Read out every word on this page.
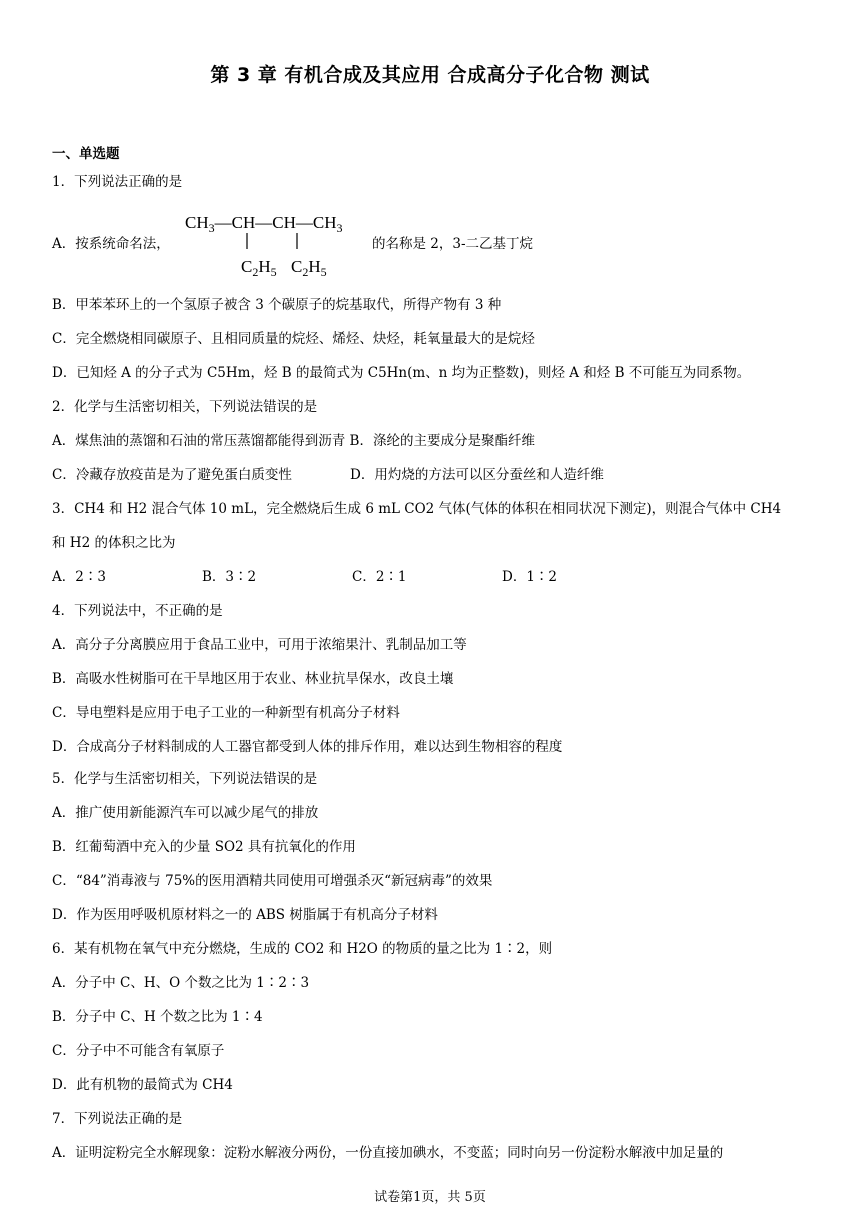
第 3 章 有机合成及其应用 合成高分子化合物 测试
一、单选题
1．下列说法正确的是
A．按系统命名法，
$CH_3—CH—CH—CH_3$
$C_2H_5$ $C_2H_5$
的名称是 2，3-二乙基丁烷
B．甲苯苯环上的一个氢原子被含 3 个碳原子的烷基取代，所得产物有 3 种
C．完全燃烧相同碳原子、且相同质量的烷烃、烯烃、炔烃，耗氧量最大的是烷烃
D．已知烃 A 的分子式为 C5Hm，烃 B 的最简式为 C5Hn(m、n 均为正整数)，则烃 A 和烃 B 不可能互为同系物。
2．化学与生活密切相关，下列说法错误的是
A．煤焦油的蒸馏和石油的常压蒸馏都能得到沥青 B．涤纶的主要成分是聚酯纤维
C．冷藏存放疫苗是为了避免蛋白质变性	D．用灼烧的方法可以区分蚕丝和人造纤维
3．CH4 和 H2 混合气体 10 mL，完全燃烧后生成 6 mL CO2 气体(气体的体积在相同状况下测定)，则混合气体中 CH4
和 H2 的体积之比为
A．2∶3	B．3∶2	C．2∶1	D．1∶2
4．下列说法中，不正确的是
A．高分子分离膜应用于食品工业中，可用于浓缩果汁、乳制品加工等
B．高吸水性树脂可在干旱地区用于农业、林业抗旱保水，改良土壤
C．导电塑料是应用于电子工业的一种新型有机高分子材料
D．合成高分子材料制成的人工器官都受到人体的排斥作用，难以达到生物相容的程度
5．化学与生活密切相关，下列说法错误的是
A．推广使用新能源汽车可以减少尾气的排放
B．红葡萄酒中充入的少量 SO2 具有抗氧化的作用
C．“84”消毒液与 75%的医用酒精共同使用可增强杀灭“新冠病毒”的效果
D．作为医用呼吸机原材料之一的 ABS 树脂属于有机高分子材料
6．某有机物在氧气中充分燃烧，生成的 CO2 和 H2O 的物质的量之比为 1∶2，则
A．分子中 C、H、O 个数之比为 1∶2∶3
B．分子中 C、H 个数之比为 1∶4
C．分子中不可能含有氧原子
D．此有机物的最简式为 CH4
7．下列说法正确的是
A．证明淀粉完全水解现象：淀粉水解液分两份，一份直接加碘水，不变蓝；同时向另一份淀粉水解液中加足量的
试卷第1页，共 5页
